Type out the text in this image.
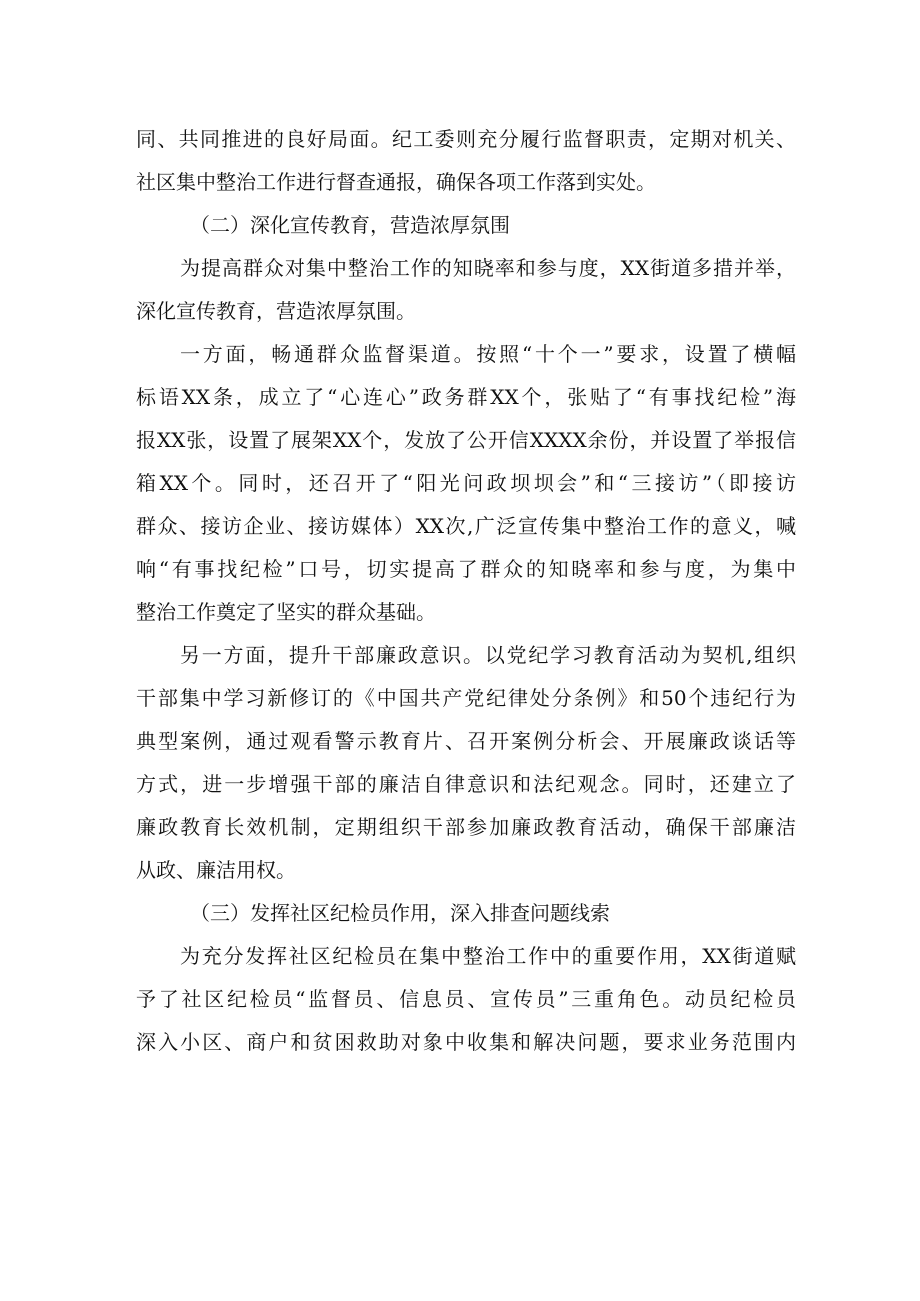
同、共同推进的良好局面。纪工委则充分履行监督职责，定期对机关、
社区集中整治工作进行督查通报，确保各项工作落到实处。
（二）深化宣传教育，营造浓厚氛围
为提高群众对集中整治工作的知晓率和参与度，XX街道多措并举，
深化宣传教育，营造浓厚氛围。
一方面，畅通群众监督渠道。按照“十个一”要求，设置了横幅
标语XX条，成立了“心连心”政务群XX个，张贴了“有事找纪检”海
报XX张，设置了展架XX个，发放了公开信XXXX余份，并设置了举报信
箱XX个。同时，还召开了“阳光问政坝坝会”和“三接访”（即接访
群众、接访企业、接访媒体）XX次,广泛宣传集中整治工作的意义，喊
响“有事找纪检”口号，切实提高了群众的知晓率和参与度，为集中
整治工作奠定了坚实的群众基础。
另一方面，提升干部廉政意识。以党纪学习教育活动为契机,组织
干部集中学习新修订的《中国共产党纪律处分条例》和50个违纪行为
典型案例，通过观看警示教育片、召开案例分析会、开展廉政谈话等
方式，进一步增强干部的廉洁自律意识和法纪观念。同时，还建立了
廉政教育长效机制，定期组织干部参加廉政教育活动，确保干部廉洁
从政、廉洁用权。
（三）发挥社区纪检员作用，深入排查问题线索
为充分发挥社区纪检员在集中整治工作中的重要作用，XX街道赋
予了社区纪检员“监督员、信息员、宣传员”三重角色。动员纪检员
深入小区、商户和贫困救助对象中收集和解决问题，要求业务范围内
